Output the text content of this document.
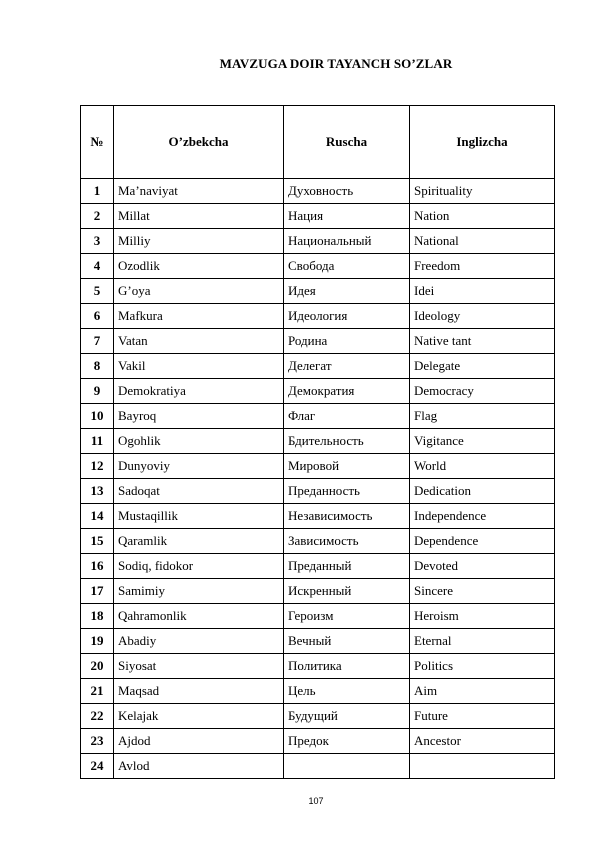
MAVZUGA DOIR TAYANCH SO’ZLAR
№	O’zbekcha	Ruscha	Inglizcha
1	Ma’naviyat	Духовность	Spirituality
2	Millat	Нация	Nation
3	Milliy	Национальный	National
4	Ozodlik	Свобода	Freedom
5	G’oya	Идея	Idei
6	Mafkura	Идеология	Ideology
7	Vatan	Родина	Native tant
8	Vakil	Делегат	Delegate
9	Demokratiya	Демократия	Democracy
10	Bayroq	Флаг	Flag
11	Ogohlik	Бдительность	Vigitance
12	Dunyoviy	Мировой	World
13	Sadoqat	Преданность	Dedication
14	Mustaqillik	Независимость	Independence
15	Qaramlik	Зависимость	Dependence
16	Sodiq, fidokor	Преданный	Devoted
17	Samimiy	Искренный	Sincere
18	Qahramonlik	Героизм	Heroism
19	Abadiy	Вечный	Eternal
20	Siyosat	Политика	Politics
21	Maqsad	Цель	Aim
22	Kelajak	Будущий	Future
23	Ajdod	Предок	Ancestor
24	Avlod		
107
